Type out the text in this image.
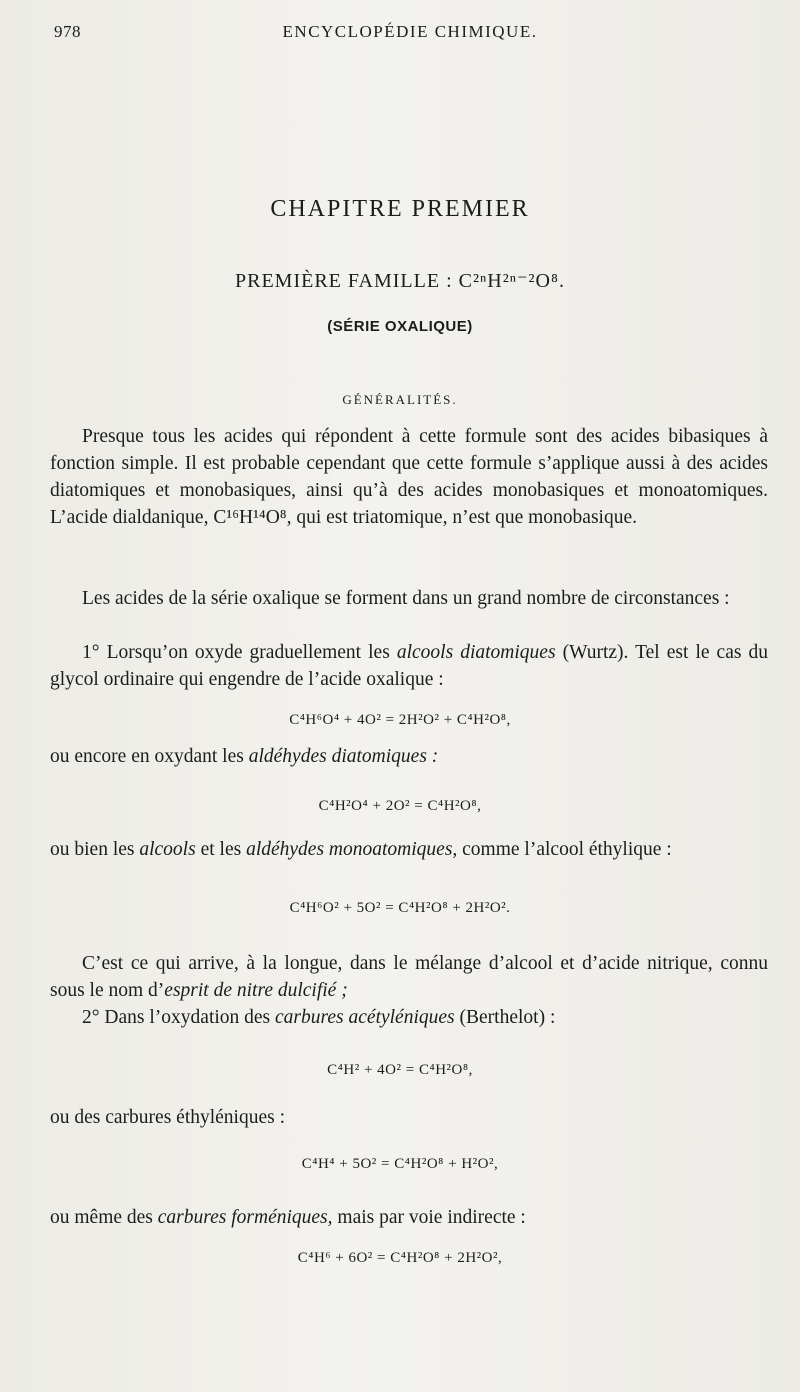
978	ENCYCLOPÉDIE CHIMIQUE.
CHAPITRE PREMIER
PREMIÈRE FAMILLE : C²ⁿH²ⁿ⁻²O⁸.
(SÉRIE OXALIQUE)
GÉNÉRALITÉS.

Presque tous les acides qui répondent à cette formule sont des acides bibasiques à fonction simple. Il est probable cependant que cette formule s’applique aussi à des acides diatomiques et monobasiques, ainsi qu’à des acides monobasiques et monoatomiques. L’acide dialdanique, C¹⁶H¹⁴O⁸, qui est triatomique, n’est que monobasique.

Les acides de la série oxalique se forment dans un grand nombre de circonstances :

1° Lorsqu’on oxyde graduellement les alcools diatomiques (Wurtz). Tel est le cas du glycol ordinaire qui engendre de l’acide oxalique :

C⁴H⁶O⁴ + 4O² = 2H²O² + C⁴H²O⁸,

ou encore en oxydant les aldéhydes diatomiques :

C⁴H²O⁴ + 2O² = C⁴H²O⁸,

ou bien les alcools et les aldéhydes monoatomiques, comme l’alcool éthylique :

C⁴H⁶O² + 5O² = C⁴H²O⁸ + 2H²O².

C’est ce qui arrive, à la longue, dans le mélange d’alcool et d’acide nitrique, connu sous le nom d’esprit de nitre dulcifié ;

2° Dans l’oxydation des carbures acétyléniques (Berthelot) :

C⁴H² + 4O² = C⁴H²O⁸,

ou des carbures éthyléniques :

C⁴H⁴ + 5O² = C⁴H²O⁸ + H²O²,

ou même des carbures forméniques, mais par voie indirecte :

C⁴H⁶ + 6O² = C⁴H²O⁸ + 2H²O²,
